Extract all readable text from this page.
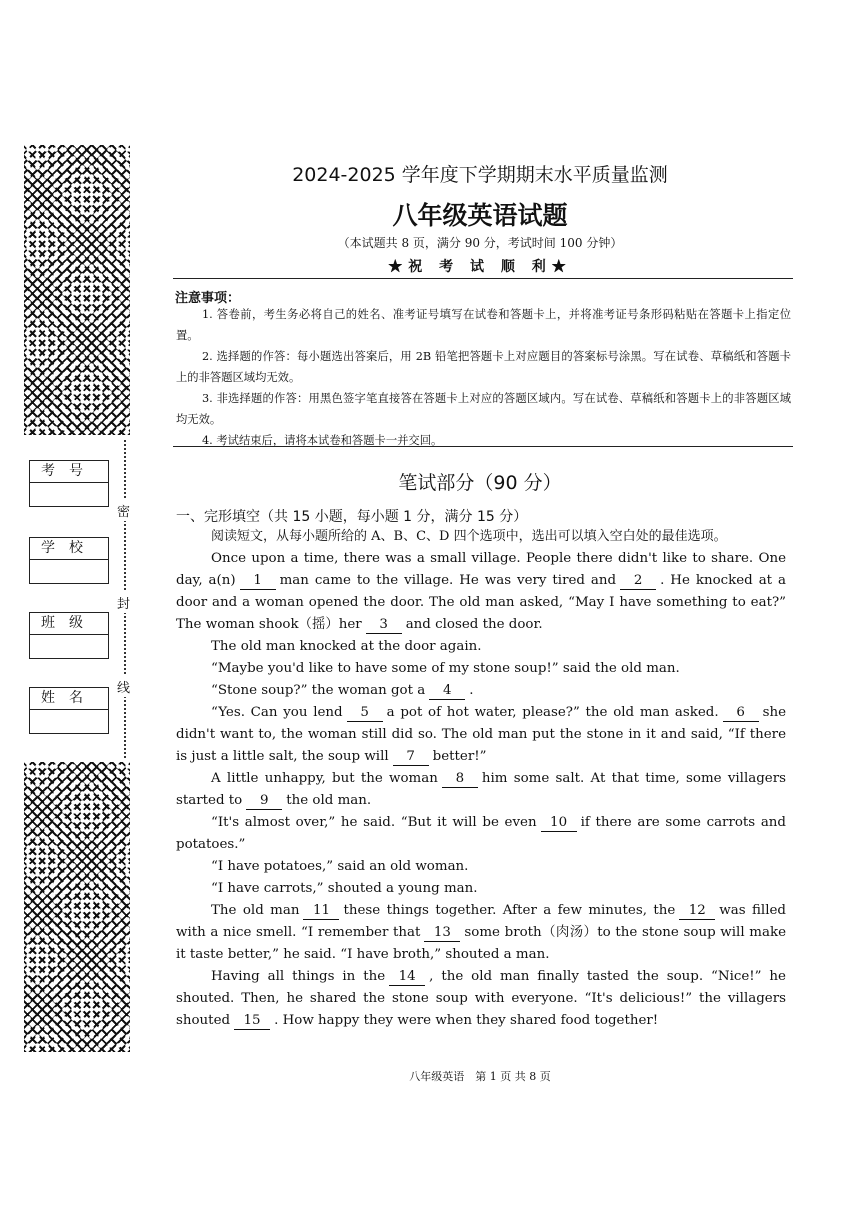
密
封
线
考号
学校
班级
姓名
2024-2025 学年度下学期期末水平质量监测
八年级英语试题
（本试题共 8 页，满分 90 分，考试时间 100 分钟）
★祝 考 试 顺 利★
注意事项：

1. 答卷前，考生务必将自己的姓名、准考证号填写在试卷和答题卡上，并将准考证号条形码粘贴在答题卡上指定位置。

2. 选择题的作答：每小题选出答案后，用 2B 铅笔把答题卡上对应题目的答案标号涂黑。写在试卷、草稿纸和答题卡上的非答题区域均无效。

3. 非选择题的作答：用黑色签字笔直接答在答题卡上对应的答题区域内。写在试卷、草稿纸和答题卡上的非答题区域均无效。

4. 考试结束后，请将本试卷和答题卡一并交回。

笔试部分（90 分）
一、完形填空（共 15 小题，每小题 1 分，满分 15 分）

阅读短文，从每小题所给的 A、B、C、D 四个选项中，选出可以填入空白处的最佳选项。

Once upon a time, there was a small village. People there didn't like to share. One day, a(n) 1 man came to the village. He was very tired and 2 . He knocked at a door and a woman opened the door. The old man asked, “May I have something to eat?” The woman shook（摇）her 3 and closed the door.

The old man knocked at the door again.

“Maybe you'd like to have some of my stone soup!” said the old man.

“Stone soup?” the woman got a 4 .

“Yes. Can you lend 5 a pot of hot water, please?” the old man asked. 6 she didn't want to, the woman still did so. The old man put the stone in it and said, “If there is just a little salt, the soup will 7 better!”

A little unhappy, but the woman 8 him some salt. At that time, some villagers started to 9 the old man.

“It's almost over,” he said. “But it will be even 10 if there are some carrots and potatoes.”

“I have potatoes,” said an old woman.

“I have carrots,” shouted a young man.

The old man 11 these things together. After a few minutes, the 12 was filled with a nice smell. “I remember that 13 some broth（肉汤）to the stone soup will make it taste better,” he said. “I have broth,” shouted a man.

Having all things in the 14 , the old man finally tasted the soup. “Nice!” he shouted. Then, he shared the stone soup with everyone. “It's delicious!” the villagers shouted 15 . How happy they were when they shared food together!

八年级英语　第 1 页 共 8 页
